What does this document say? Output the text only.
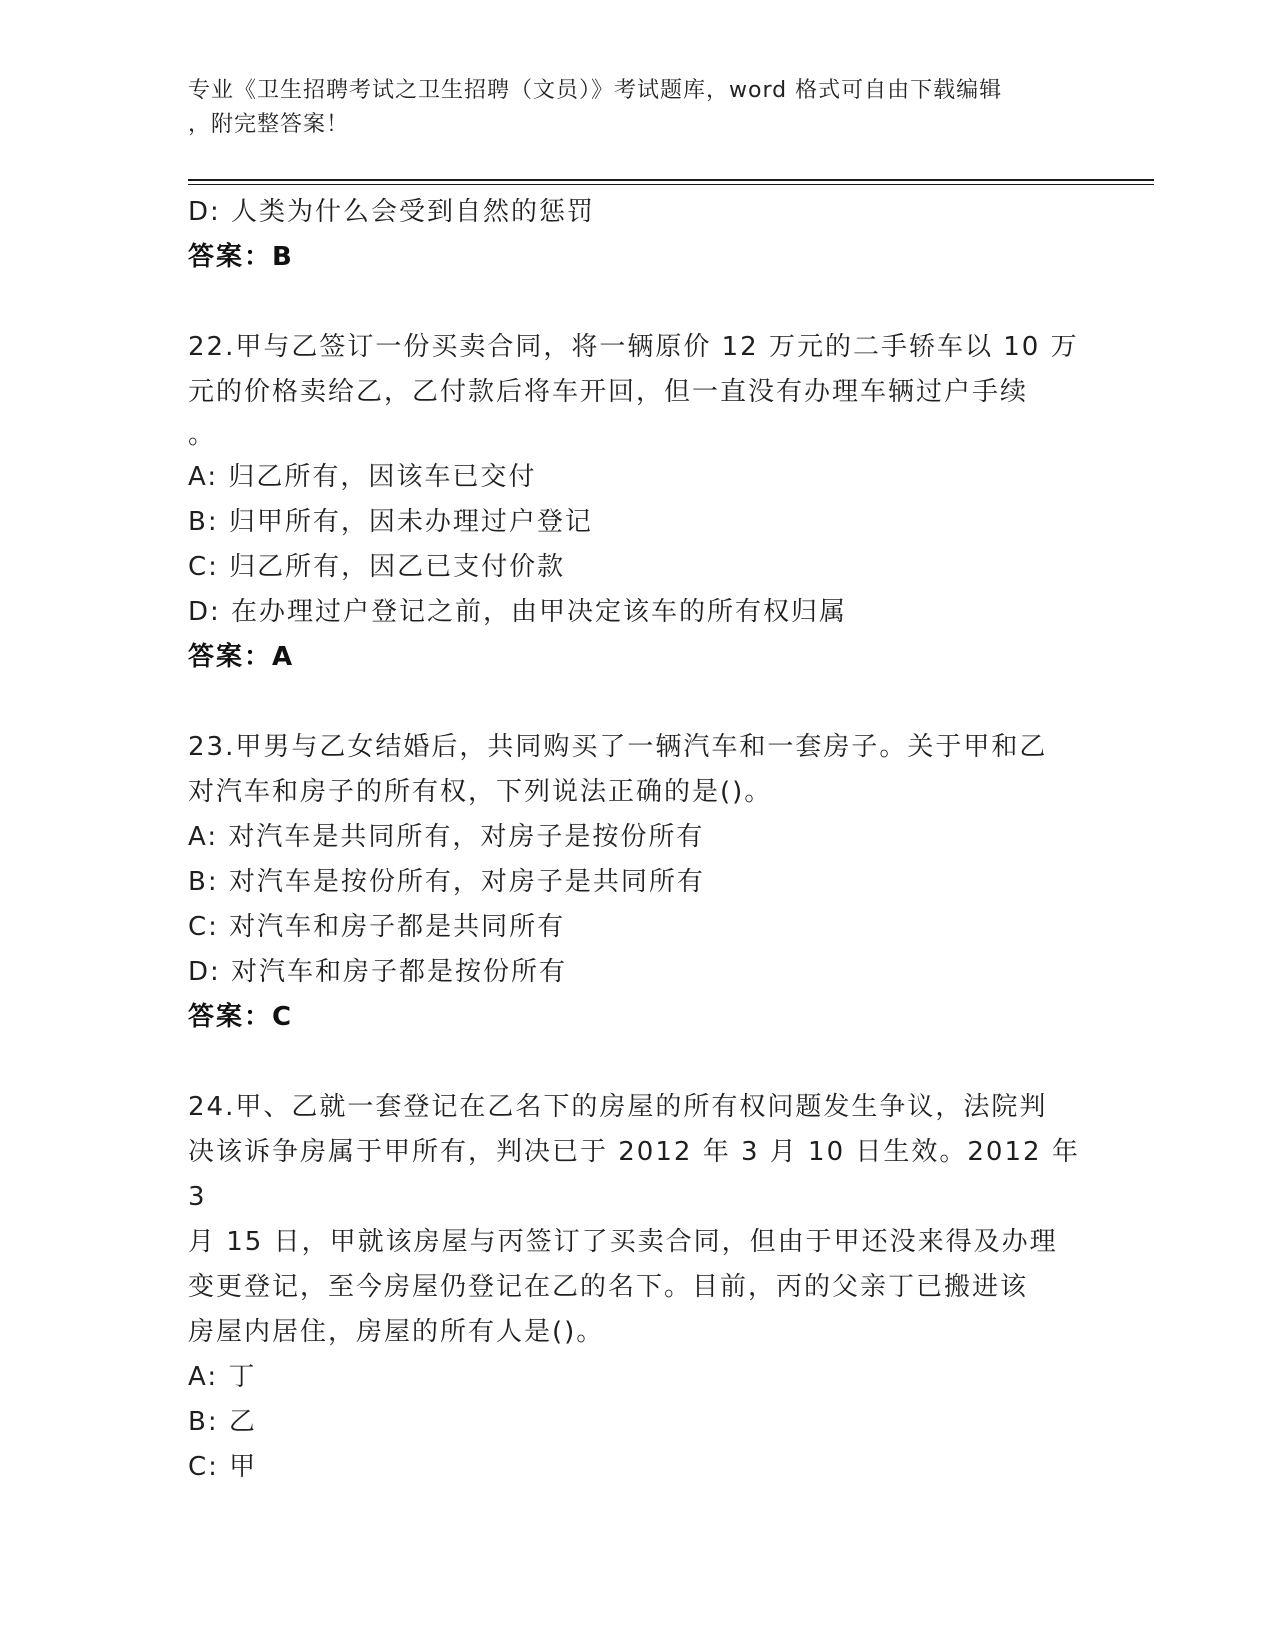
专业《卫生招聘考试之卫生招聘（文员）》考试题库，word 格式可自由下载编辑
，附完整答案！
D: 人类为什么会受到自然的惩罚
答案：B
22.甲与乙签订一份买卖合同，将一辆原价 12 万元的二手轿车以 10 万
元的价格卖给乙，乙付款后将车开回，但一直没有办理车辆过户手续
。
A: 归乙所有，因该车已交付
B: 归甲所有，因未办理过户登记
C: 归乙所有，因乙已支付价款
D: 在办理过户登记之前，由甲决定该车的所有权归属
答案：A
23.甲男与乙女结婚后，共同购买了一辆汽车和一套房子。关于甲和乙
对汽车和房子的所有权，下列说法正确的是()。
A: 对汽车是共同所有，对房子是按份所有
B: 对汽车是按份所有，对房子是共同所有
C: 对汽车和房子都是共同所有
D: 对汽车和房子都是按份所有
答案：C
24.甲、乙就一套登记在乙名下的房屋的所有权问题发生争议，法院判
决该诉争房属于甲所有，判决已于 2012 年 3 月 10 日生效。2012 年 3
月 15 日，甲就该房屋与丙签订了买卖合同，但由于甲还没来得及办理
变更登记，至今房屋仍登记在乙的名下。目前，丙的父亲丁已搬进该
房屋内居住，房屋的所有人是()。
A: 丁
B: 乙
C: 甲
